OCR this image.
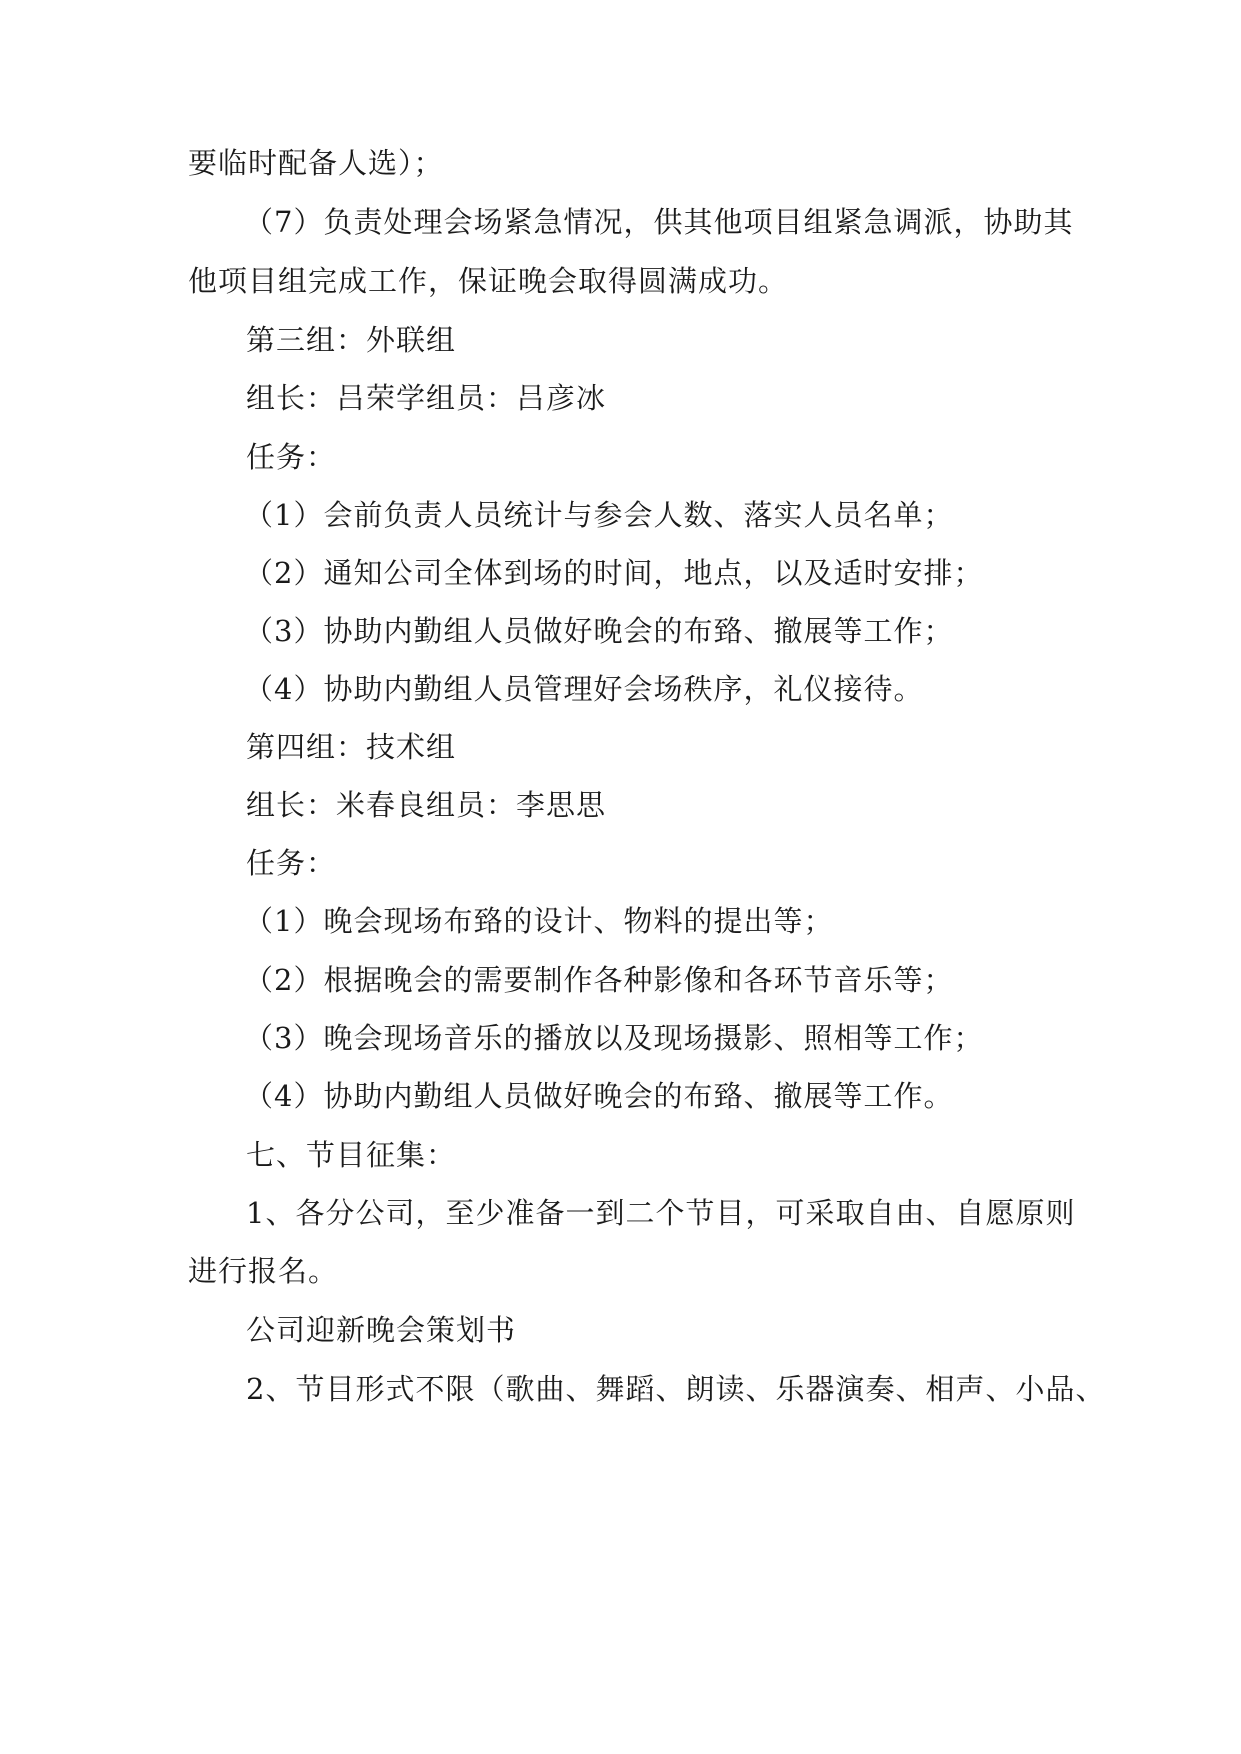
要临时配备人选）；
（7）负责处理会场紧急情况，供其他项目组紧急调派，协助其
他项目组完成工作，保证晚会取得圆满成功。
第三组：外联组
组长：吕荣学组员：吕彦冰
任务：
（1）会前负责人员统计与参会人数、落实人员名单；
（2）通知公司全体到场的时间，地点，以及适时安排；
（3）协助内勤组人员做好晚会的布臵、撤展等工作；
（4）协助内勤组人员管理好会场秩序，礼仪接待。
第四组：技术组
组长：米春良组员：李思思
任务：
（1）晚会现场布臵的设计、物料的提出等；
（2）根据晚会的需要制作各种影像和各环节音乐等；
（3）晚会现场音乐的播放以及现场摄影、照相等工作；
（4）协助内勤组人员做好晚会的布臵、撤展等工作。
七、节目征集：
1、各分公司，至少准备一到二个节目，可采取自由、自愿原则
进行报名。
公司迎新晚会策划书
2、节目形式不限（歌曲、舞蹈、朗读、乐器演奏、相声、小品、
